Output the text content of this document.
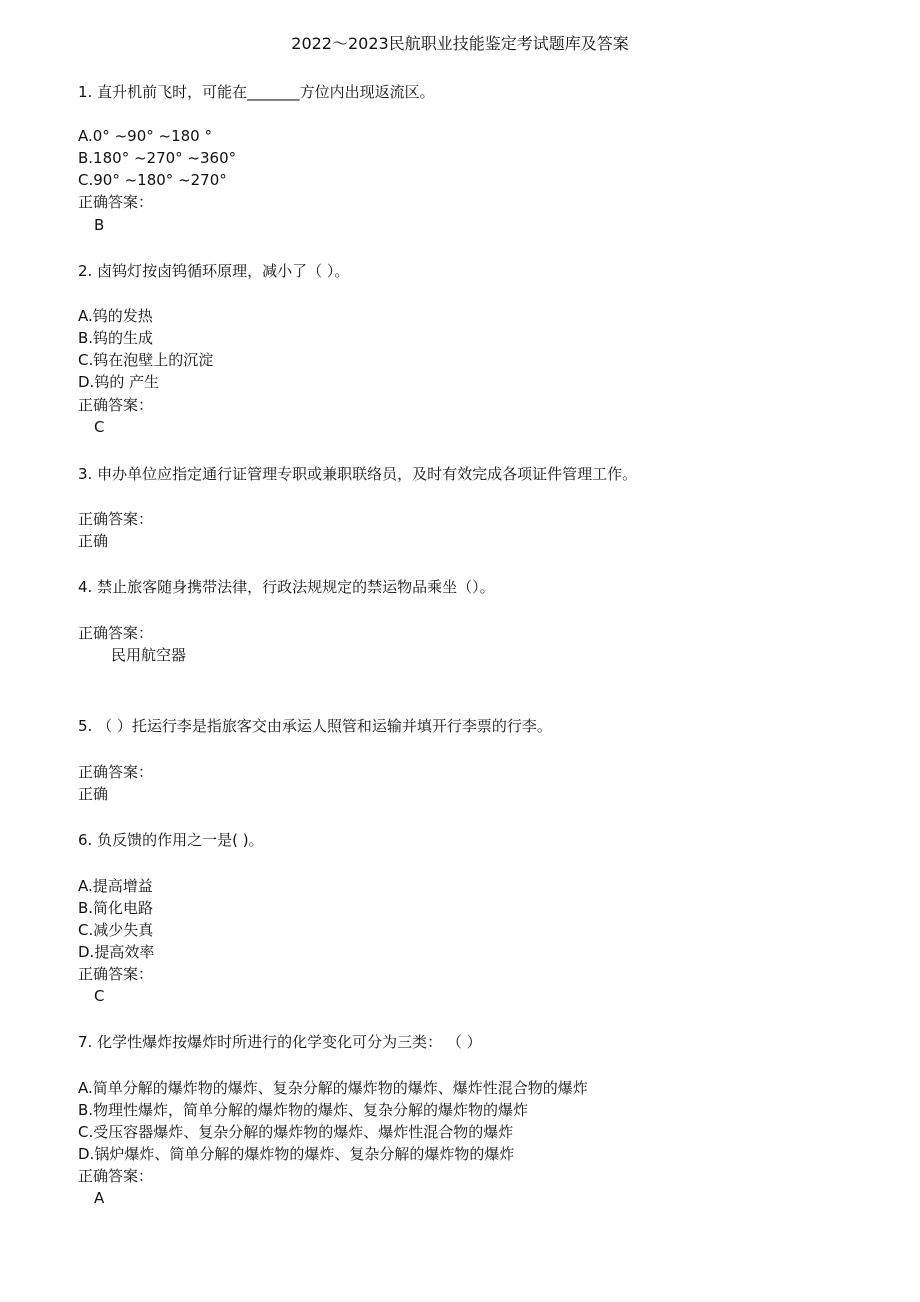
2022～2023民航职业技能鉴定考试题库及答案
1. 直升机前飞时，可能在_______方位内出现返流区。
A.0° ~90° ~180 °
B.180° ~270° ~360°
C.90° ~180° ~270°
正确答案：
B
2. 卤钨灯按卤钨循环原理，减小了（ ）。
A.钨的发热
B.钨的生成
C.钨在泡壁上的沉淀
D.钨的 产生
正确答案：
C
3. 申办单位应指定通行证管理专职或兼职联络员，及时有效完成各项证件管理工作。
正确答案：
正确
4. 禁止旅客随身携带法律，行政法规规定的禁运物品乘坐（）。
正确答案：
民用航空器
5. （ ）托运行李是指旅客交由承运人照管和运输并填开行李票的行李。
正确答案：
正确
6. 负反馈的作用之一是( )。
A.提高增益
B.简化电路
C.减少失真
D.提高效率
正确答案：
C
7. 化学性爆炸按爆炸时所进行的化学变化可分为三类： （ ）
A.简单分解的爆炸物的爆炸、复杂分解的爆炸物的爆炸、爆炸性混合物的爆炸
B.物理性爆炸，简单分解的爆炸物的爆炸、复杂分解的爆炸物的爆炸
C.受压容器爆炸、复杂分解的爆炸物的爆炸、爆炸性混合物的爆炸
D.锅炉爆炸、简单分解的爆炸物的爆炸、复杂分解的爆炸物的爆炸
正确答案：
A
